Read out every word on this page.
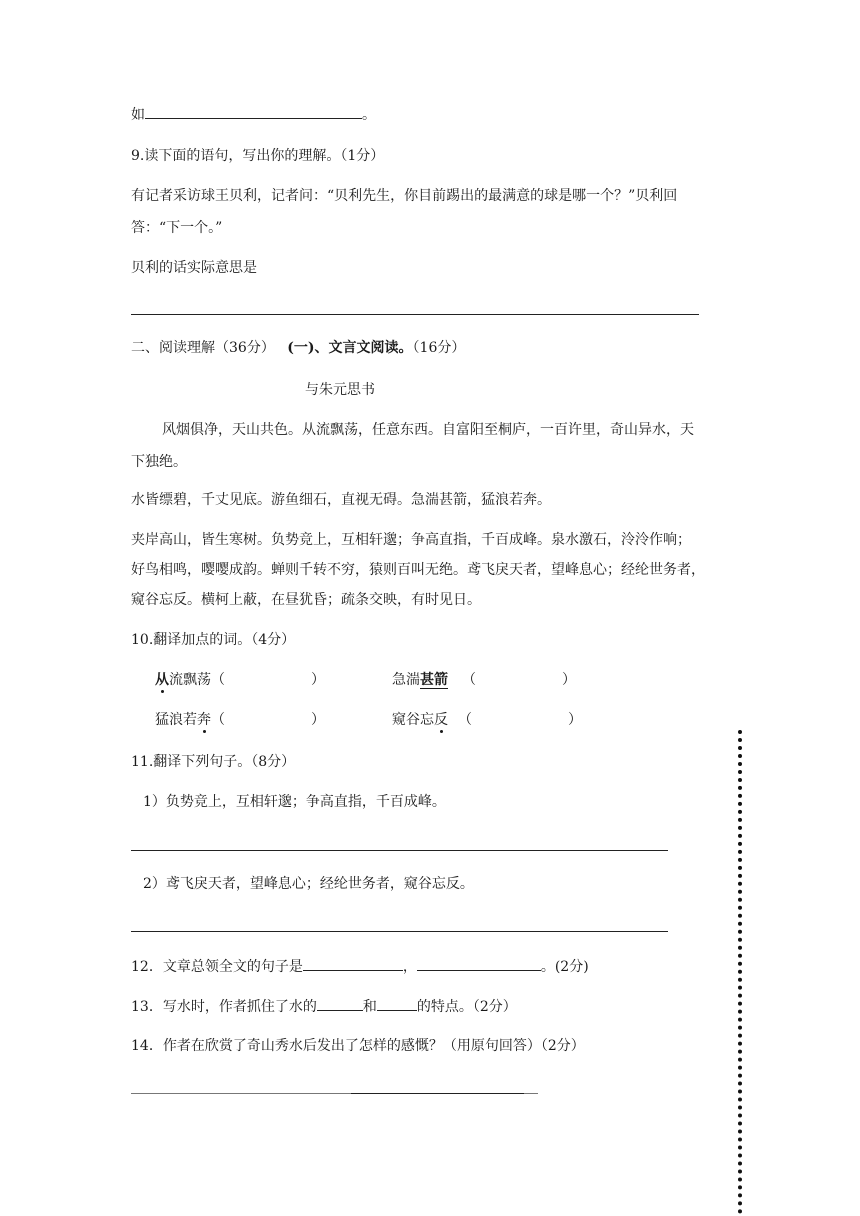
如	。
9.读下面的语句，写出你的理解。（1分）
有记者采访球王贝利，记者问：“贝利先生，你目前踢出的最满意的球是哪一个？”贝利回
答：“下一个。”
贝利的话实际意思是
二、阅读理解（36分） (一)、文言文阅读。（16分）
与朱元思书
风烟俱净，天山共色。从流飘荡，任意东西。自富阳至桐庐，一百许里，奇山异水，天
下独绝。
水皆缥碧，千丈见底。游鱼细石，直视无碍。急湍甚箭，猛浪若奔。
夹岸高山，皆生寒树。负势竞上，互相轩邈；争高直指，千百成峰。泉水激石，泠泠作响；
好鸟相鸣，嘤嘤成韵。蝉则千转不穷，猿则百叫无绝。鸢飞戾天者，望峰息心；经纶世务者，
窥谷忘反。横柯上蔽，在昼犹昏；疏条交映，有时见日。
10.翻译加点的词。（4分）
从流飘荡（	）	急湍甚箭 （	）
猛浪若奔（	）	窥谷忘反 （	）
11.翻译下列句子。（8分）
1）负势竞上，互相轩邈；争高直指，千百成峰。
2）鸢飞戾天者，望峰息心；经纶世务者，窥谷忘反。
12．文章总领全文的句子是	，	。(2分)
13．写水时，作者抓住了水的	和	的特点。（2分）
14．作者在欣赏了奇山秀水后发出了怎样的感慨？（用原句回答）（2分）
